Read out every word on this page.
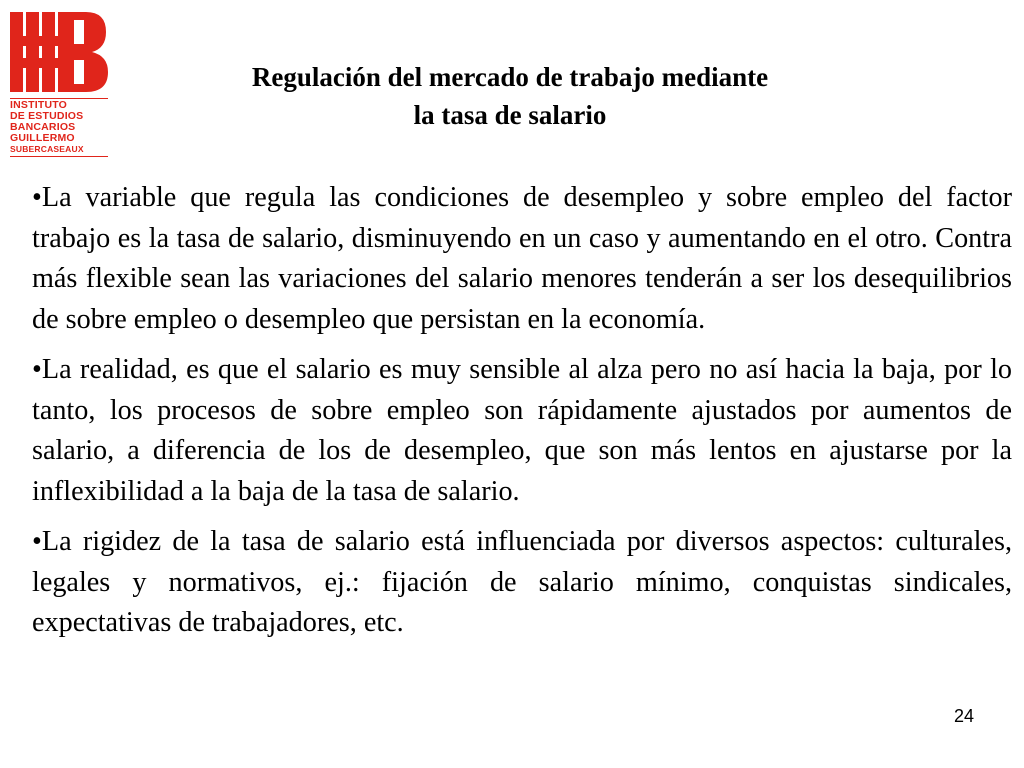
INSTITUTO
DE ESTUDIOS
BANCARIOS
GUILLERMO
SUBERCASEAUX
Regulación del mercado de trabajo mediante
la tasa de salario

•La variable que regula las condiciones de desempleo y sobre empleo del factor trabajo es la tasa de salario, disminuyendo en un caso y aumentando en el otro. Contra más flexible sean las variaciones del salario menores tenderán a ser los desequilibrios de sobre empleo o desempleo que persistan en la economía.

•La realidad, es que el salario es muy sensible al alza pero no así hacia la baja, por lo tanto, los procesos de sobre empleo son rápidamente ajustados por aumentos de salario, a diferencia de los de desempleo, que son más lentos en ajustarse por la inflexibilidad a la baja de la tasa de salario.

•La rigidez de la tasa de salario está influenciada por diversos aspectos: culturales, legales y normativos, ej.: fijación de salario mínimo, conquistas sindicales, expectativas de trabajadores, etc.

24
